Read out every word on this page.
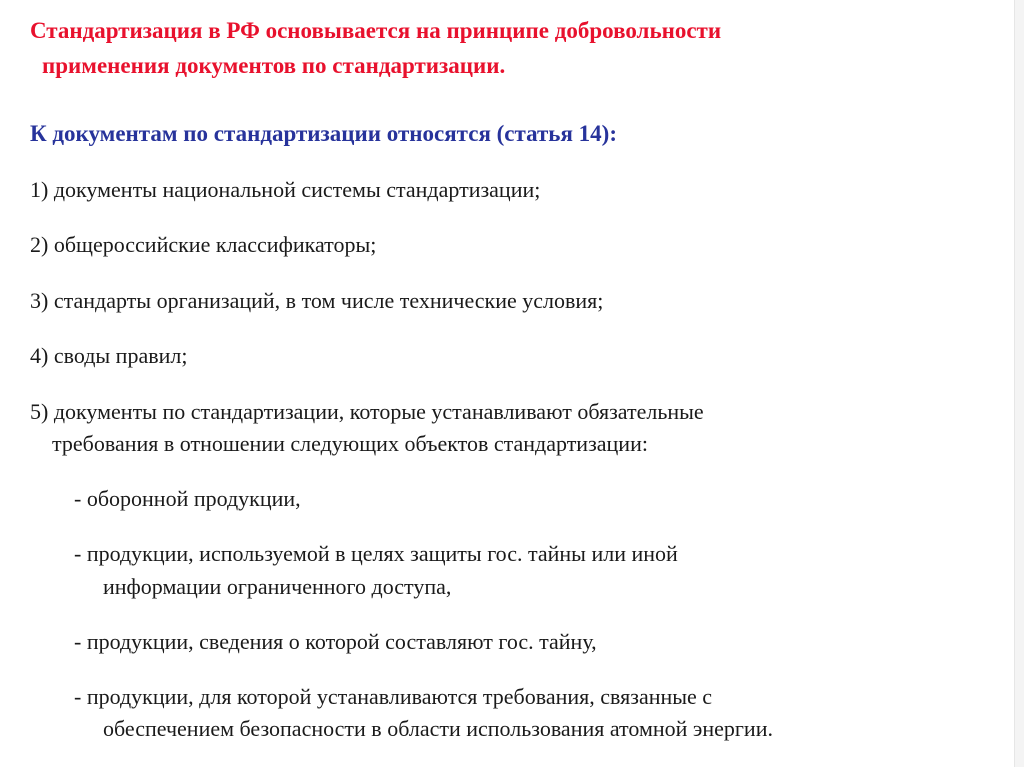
Стандартизация в РФ основывается на принципе добровольности
применения документов по стандартизации.
К документам по стандартизации относятся (статья 14):
1) документы национальной системы стандартизации;
2) общероссийские классификаторы;
3) стандарты организаций, в том числе технические условия;
4) своды правил;
5) документы по стандартизации, которые устанавливают обязательные
требования в отношении следующих объектов стандартизации:
- оборонной продукции,
- продукции, используемой в целях защиты гос. тайны или иной
информации ограниченного доступа,
- продукции, сведения о которой составляют гос. тайну,
- продукции, для которой устанавливаются требования, связанные с
обеспечением безопасности в области использования атомной энергии.
